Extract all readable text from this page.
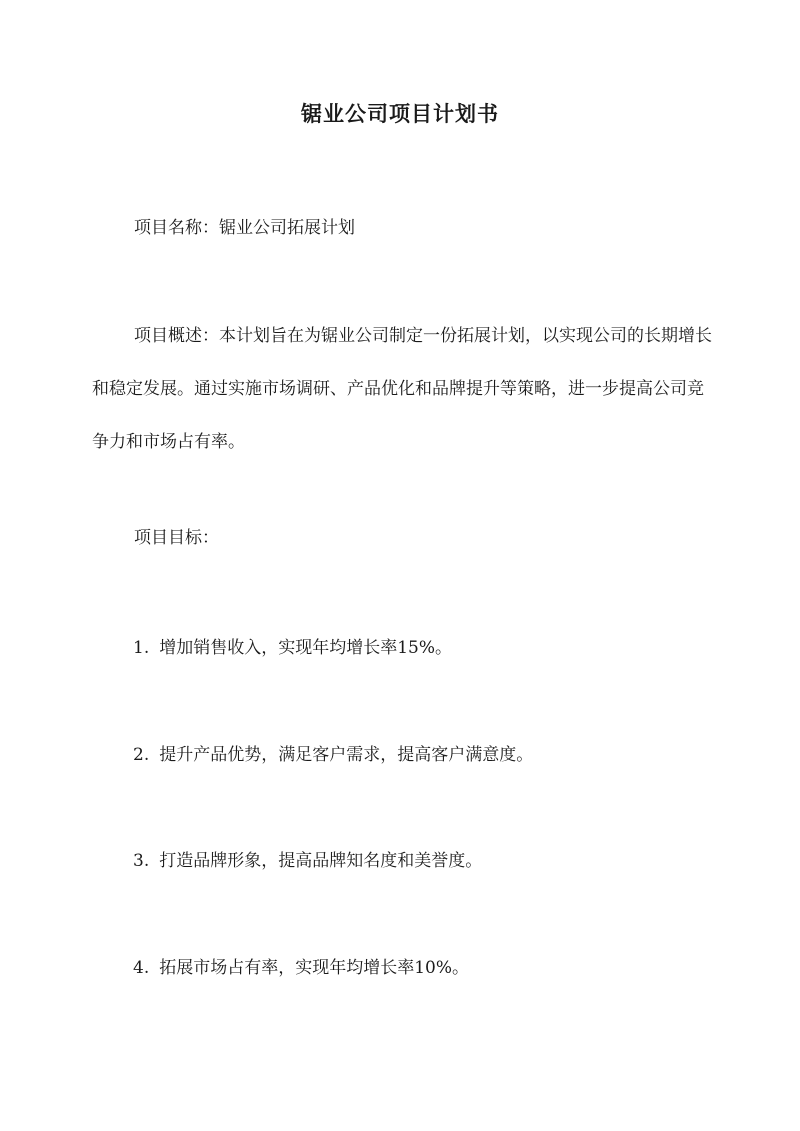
锯业公司项目计划书

项目名称：锯业公司拓展计划

项目概述：本计划旨在为锯业公司制定一份拓展计划，以实现公司的长期增长和稳定发展。通过实施市场调研、产品优化和品牌提升等策略，进一步提高公司竞争力和市场占有率。

项目目标：

1. 增加销售收入，实现年均增长率15%。
2. 提升产品优势，满足客户需求，提高客户满意度。
3. 打造品牌形象，提高品牌知名度和美誉度。
4. 拓展市场占有率，实现年均增长率10%。
